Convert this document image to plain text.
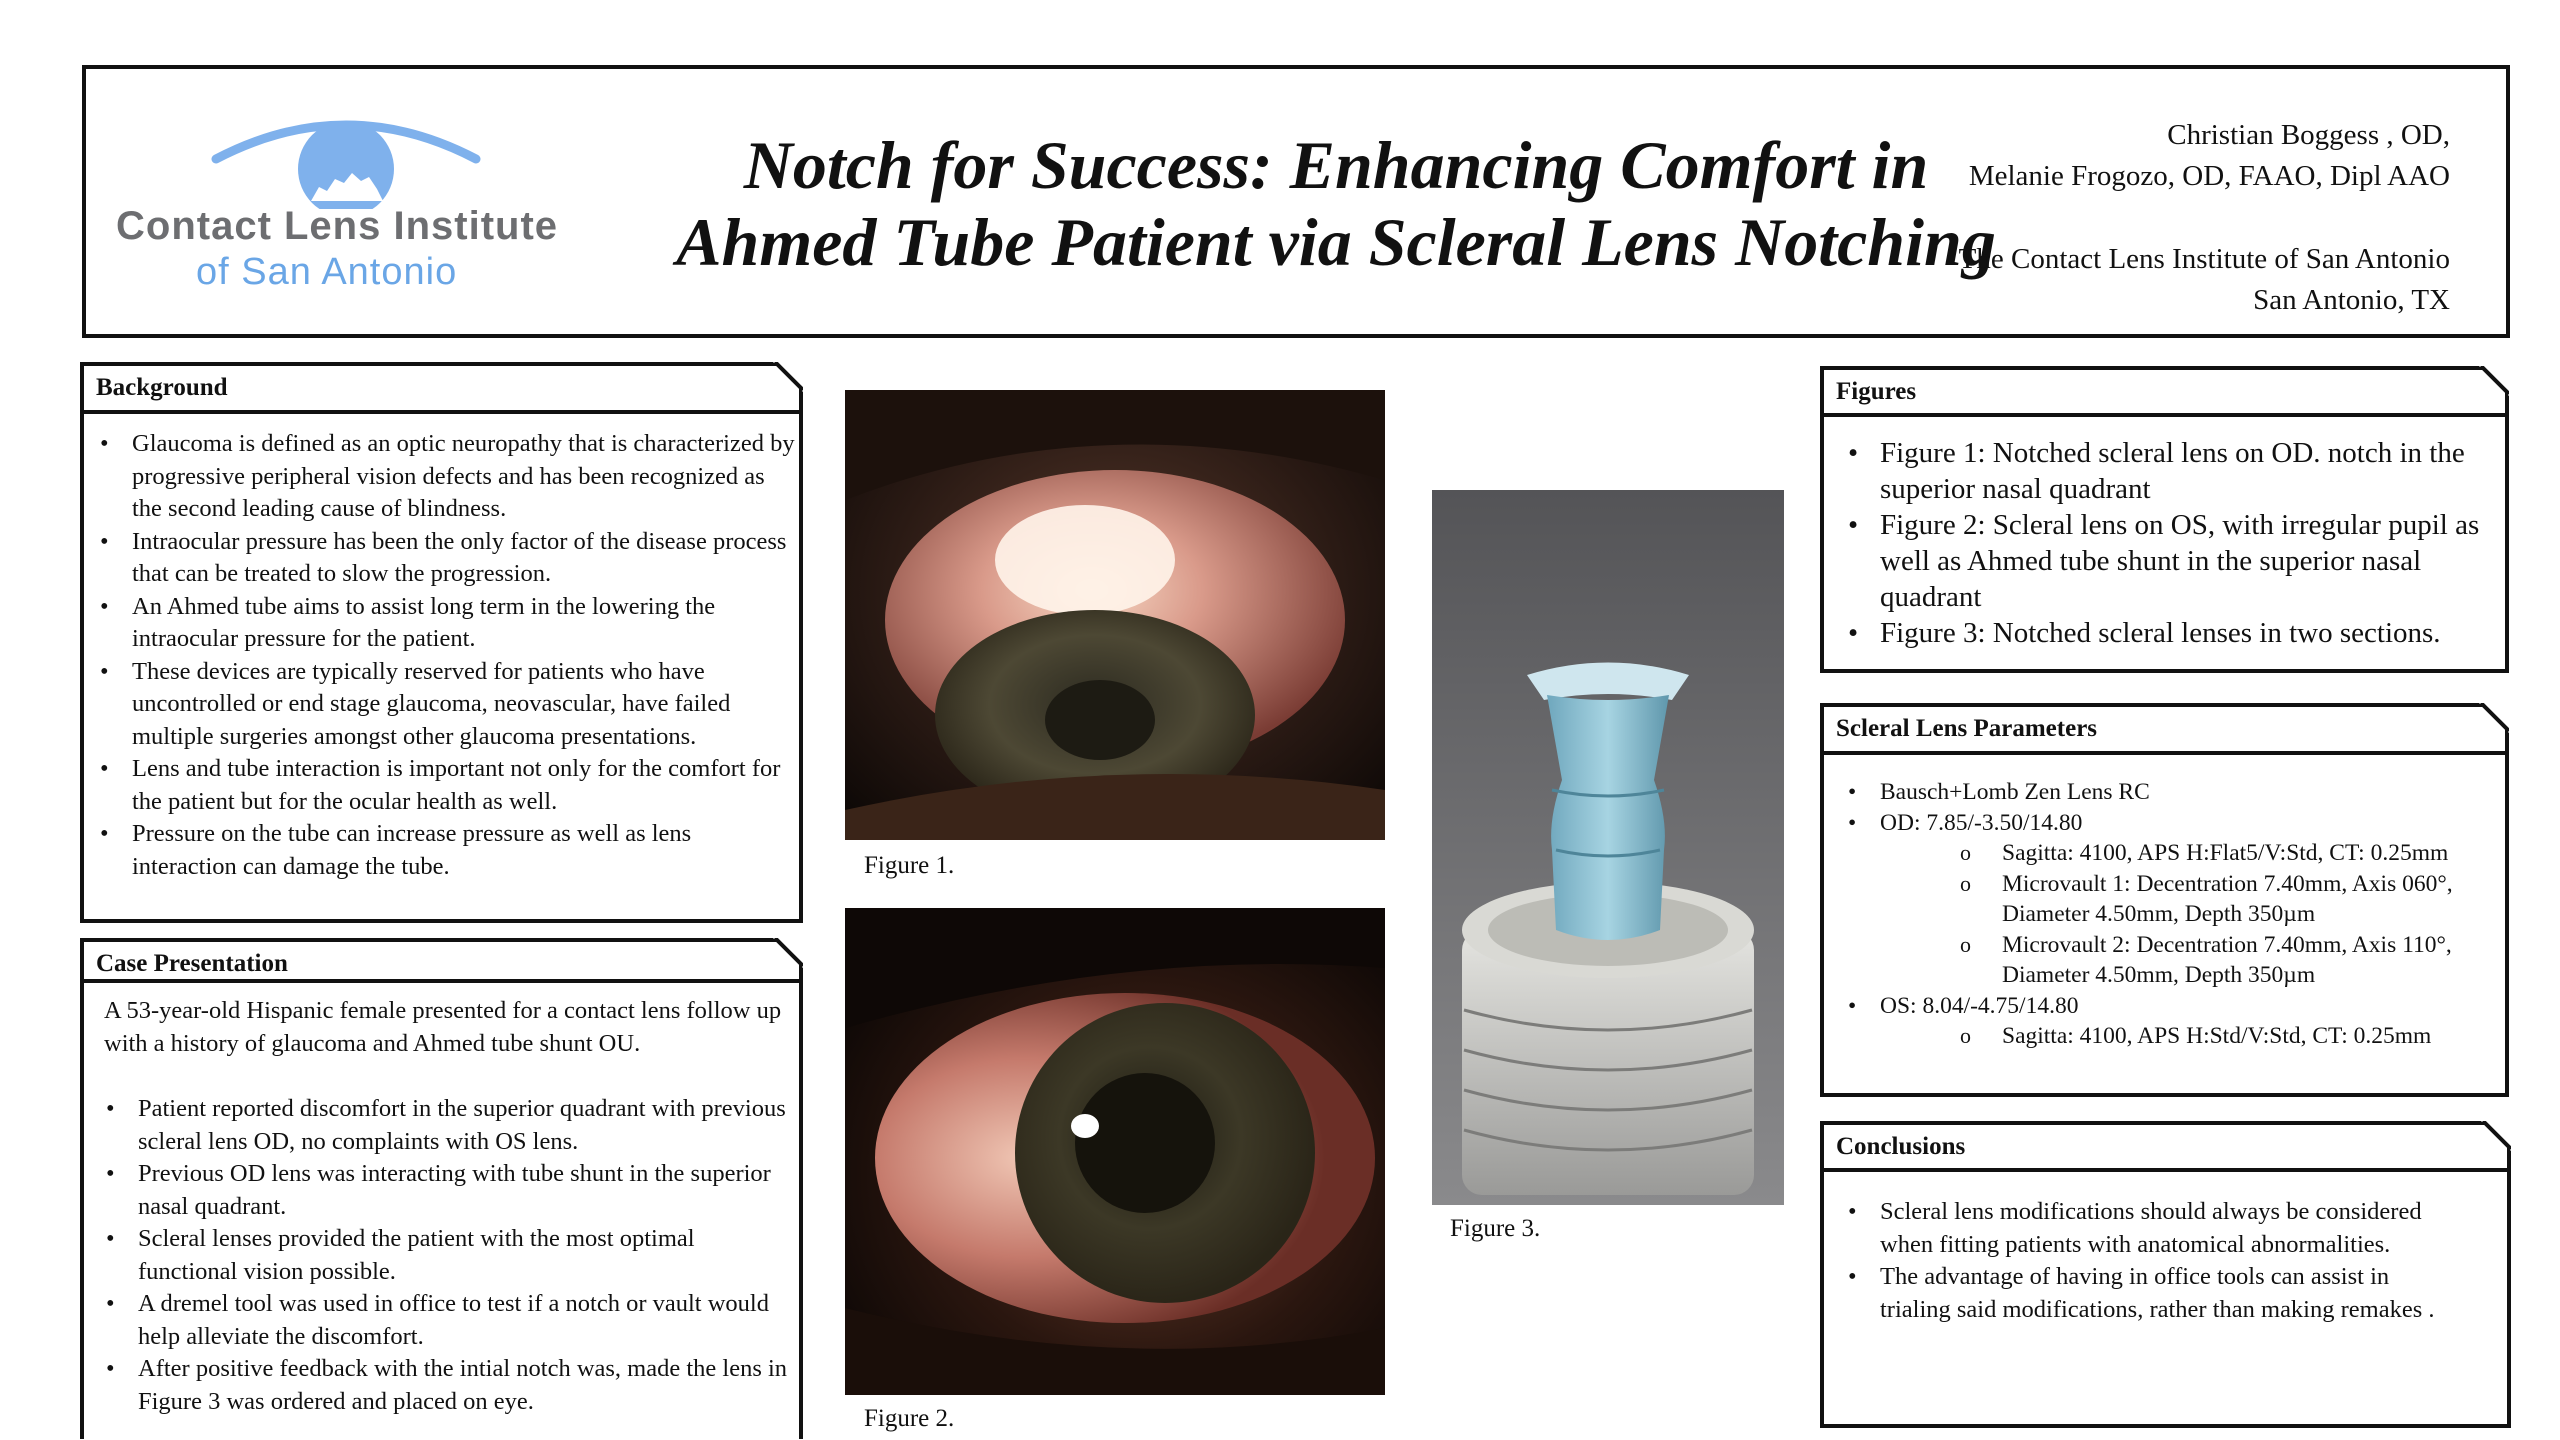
Contact Lens Institute
of San Antonio
Notch for Success: Enhancing Comfort in Ahmed Tube Patient via Scleral Lens Notching
Christian Boggess , OD,
Melanie Frogozo, OD, FAAO, Dipl AAO
The Contact Lens Institute of San Antonio
San Antonio, TX
Background
• Glaucoma is defined as an optic neuropathy that is characterized by progressive peripheral vision defects and has been recognized as the second leading cause of blindness.
• Intraocular pressure has been the only factor of the disease process that can be treated to slow the progression.
• An Ahmed tube aims to assist long term in the lowering the intraocular pressure for the patient.
• These devices are typically reserved for patients who have uncontrolled or end stage glaucoma, neovascular, have failed multiple surgeries amongst other glaucoma presentations.
• Lens and tube interaction is important not only for the comfort for the patient but for the ocular health as well.
• Pressure on the tube can increase pressure as well as lens interaction can damage the tube.
Case Presentation
A 53-year-old Hispanic female presented for a contact lens follow up with a history of glaucoma and Ahmed tube shunt OU.
• Patient reported discomfort in the superior quadrant with previous scleral lens OD, no complaints with OS lens.
• Previous OD lens was interacting with tube shunt in the superior nasal quadrant.
• Scleral lenses provided the patient with the most optimal functional vision possible.
• A dremel tool was used in office to test if a notch or vault would help alleviate the discomfort.
• After positive feedback with the intial notch was, made the lens in Figure 3 was ordered and placed on eye.
Figure 1.
Figure 2.
Figure 3.
Figures
• Figure 1: Notched scleral lens on OD. notch in the superior nasal quadrant
• Figure 2: Scleral lens on OS, with irregular pupil as well as Ahmed tube shunt in the superior nasal quadrant
• Figure 3: Notched scleral lenses in two sections.
Scleral Lens Parameters
• Bausch+Lomb Zen Lens RC
• OD: 7.85/-3.50/14.80
o Sagitta: 4100, APS H:Flat5/V:Std, CT: 0.25mm
o Microvault 1: Decentration 7.40mm, Axis 060°, Diameter 4.50mm, Depth 350µm
o Microvault 2: Decentration 7.40mm, Axis 110°, Diameter 4.50mm, Depth 350µm
• OS: 8.04/-4.75/14.80
o Sagitta: 4100, APS H:Std/V:Std, CT: 0.25mm
Conclusions
• Scleral lens modifications should always be considered when fitting patients with anatomical abnormalities.
• The advantage of having in office tools can assist in trialing said modifications, rather than making remakes .
